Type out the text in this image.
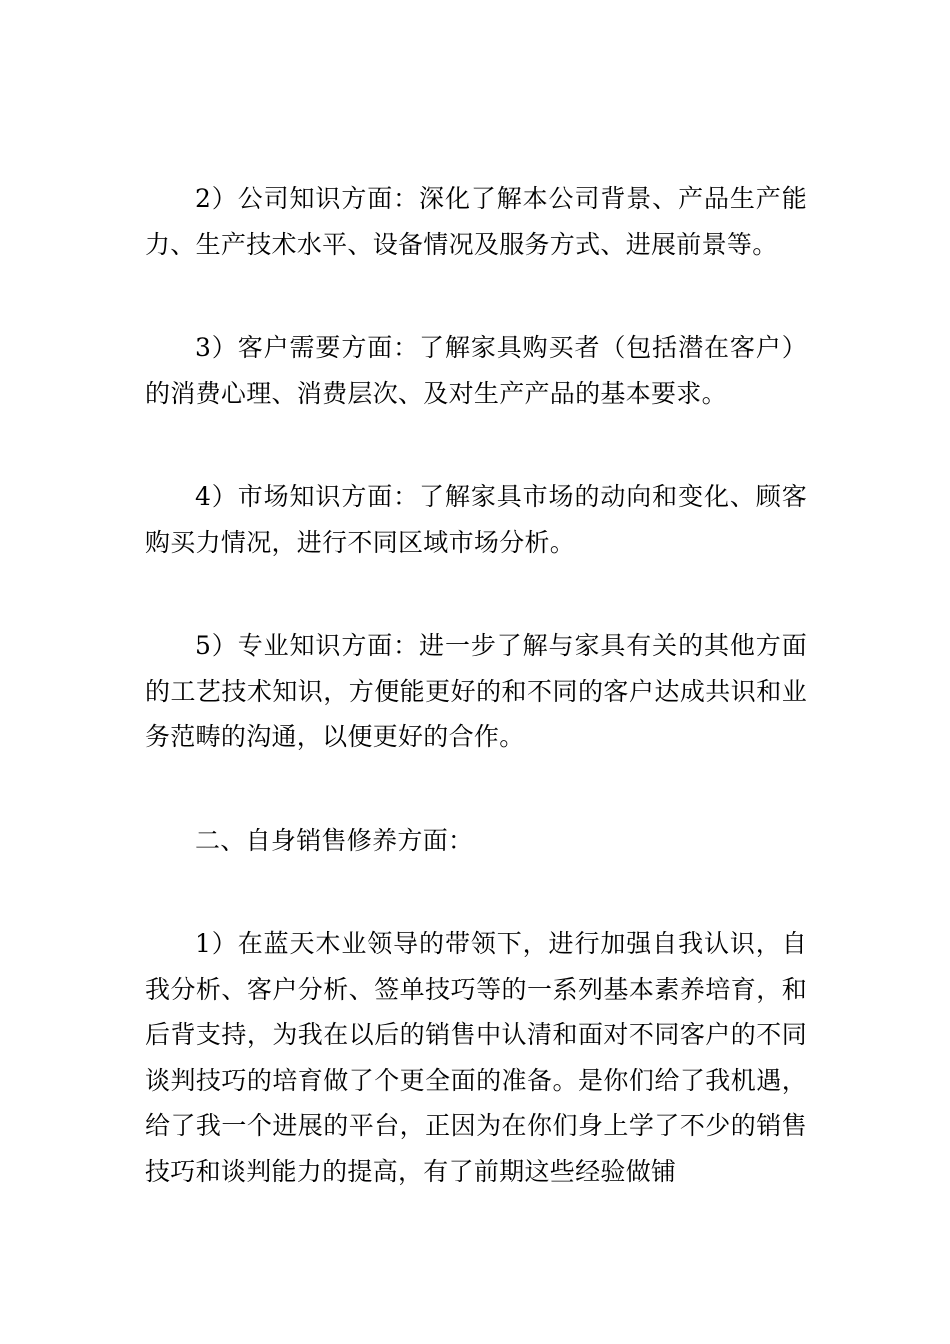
2）公司知识方面：深化了解本公司背景、产品生产能力、生产技术水平、设备情况及服务方式、进展前景等。

3）客户需要方面：了解家具购买者（包括潜在客户）的消费心理、消费层次、及对生产产品的基本要求。

4）市场知识方面：了解家具市场的动向和变化、顾客购买力情况，进行不同区域市场分析。

5）专业知识方面：进一步了解与家具有关的其他方面的工艺技术知识，方便能更好的和不同的客户达成共识和业务范畴的沟通，以便更好的合作。

二、自身销售修养方面：

1）在蓝天木业领导的带领下，进行加强自我认识，自我分析、客户分析、签单技巧等的一系列基本素养培育，和后背支持，为我在以后的销售中认清和面对不同客户的不同谈判技巧的培育做了个更全面的准备。是你们给了我机遇，给了我一个进展的平台，正因为在你们身上学了不少的销售技巧和谈判能力的提高，有了前期这些经验做铺
